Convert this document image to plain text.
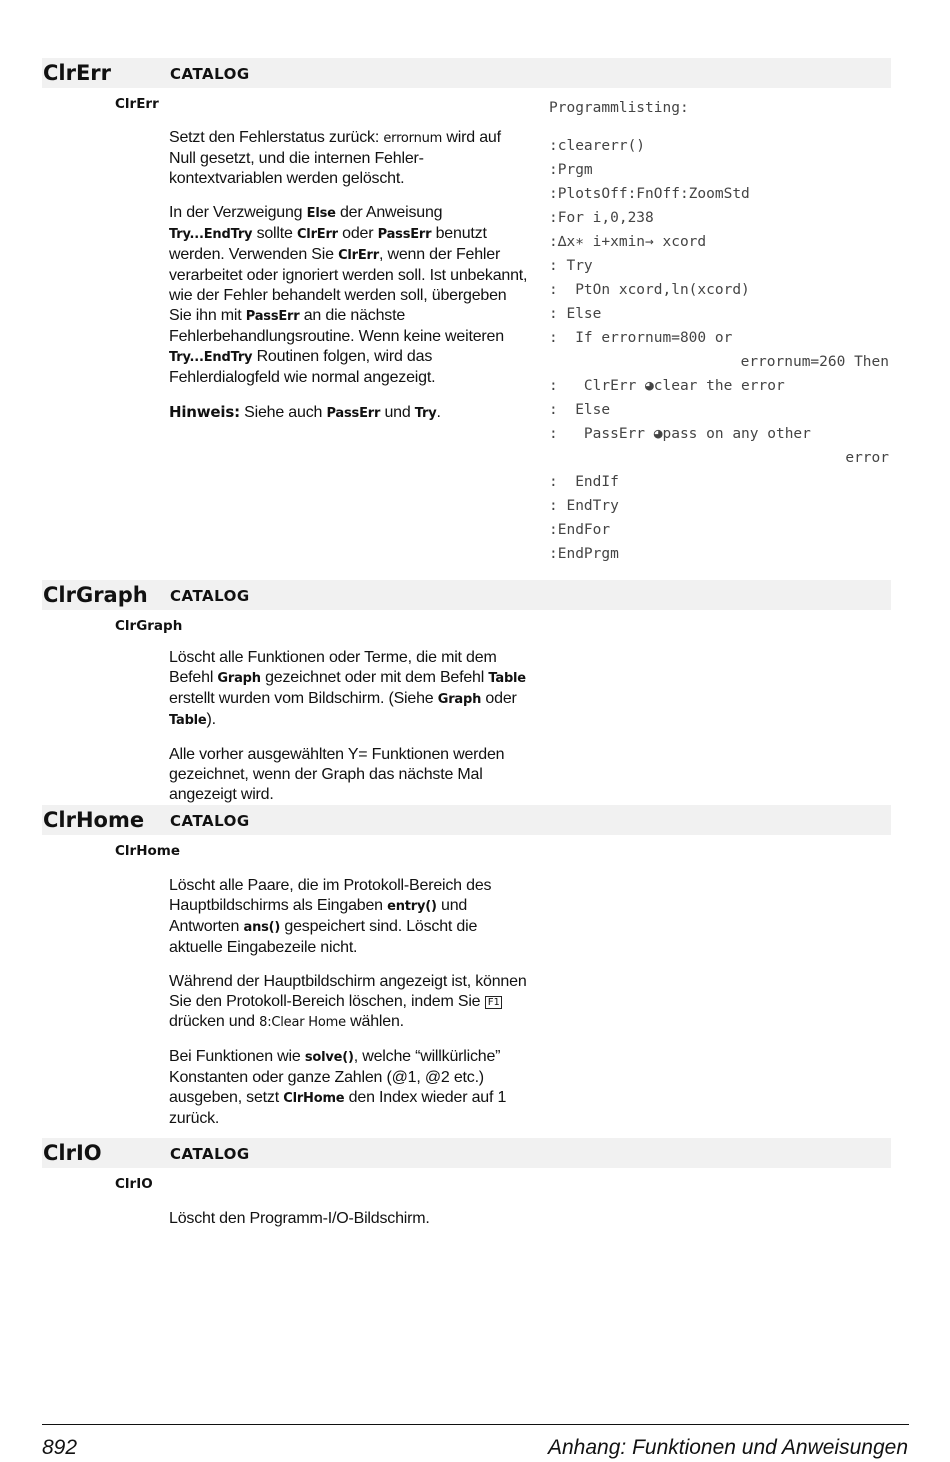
ClrErr	CATALOG
ClrErr

Setzt den Fehlerstatus zurück: errornum wird auf Null gesetzt, und die internen Fehler-kontextvariablen werden gelöscht.

In der Verzweigung Else der Anweisung Try...EndTry sollte ClrErr oder PassErr benutzt werden. Verwenden Sie ClrErr, wenn der Fehler verarbeitet oder ignoriert werden soll. Ist unbekannt, wie der Fehler behandelt werden soll, übergeben Sie ihn mit PassErr an die nächste Fehlerbehandlungsroutine. Wenn keine weiteren Try...EndTry Routinen folgen, wird das Fehlerdialogfeld wie normal angezeigt.

Hinweis: Siehe auch PassErr und Try.

Programmlisting:
:clearerr()
:Prgm
:PlotsOff:FnOff:ZoomStd
:For i,0,238
:∆x∗ i+xmin→ xcord
: Try
:  PtOn xcord,ln(xcord)
: Else
:  If errornum=800 or
errornum=260 Then
:   ClrErr ◕clear the error
:  Else
:   PassErr ◕pass on any other
error
:  EndIf
: EndTry
:EndFor
:EndPrgm
ClrGraph CATALOG
ClrGraph

Löscht alle Funktionen oder Terme, die mit dem Befehl Graph gezeichnet oder mit dem Befehl Table erstellt wurden vom Bildschirm. (Siehe Graph oder Table).

Alle vorher ausgewählten Y= Funktionen werden gezeichnet, wenn der Graph das nächste Mal angezeigt wird.

ClrHome CATALOG
ClrHome

Löscht alle Paare, die im Protokoll-Bereich des Hauptbildschirms als Eingaben entry() und Antworten ans() gespeichert sind. Löscht die aktuelle Eingabezeile nicht.

Während der Hauptbildschirm angezeigt ist, können Sie den Protokoll-Bereich löschen, indem Sie F1 drücken und 8:Clear Home wählen.

Bei Funktionen wie solve(), welche “willkürliche” Konstanten oder ganze Zahlen (@1, @2 etc.) ausgeben, setzt ClrHome den Index wieder auf 1 zurück.

ClrIO	CATALOG
ClrIO

Löscht den Programm-I/O-Bildschirm.

892	Anhang: Funktionen und Anweisungen
